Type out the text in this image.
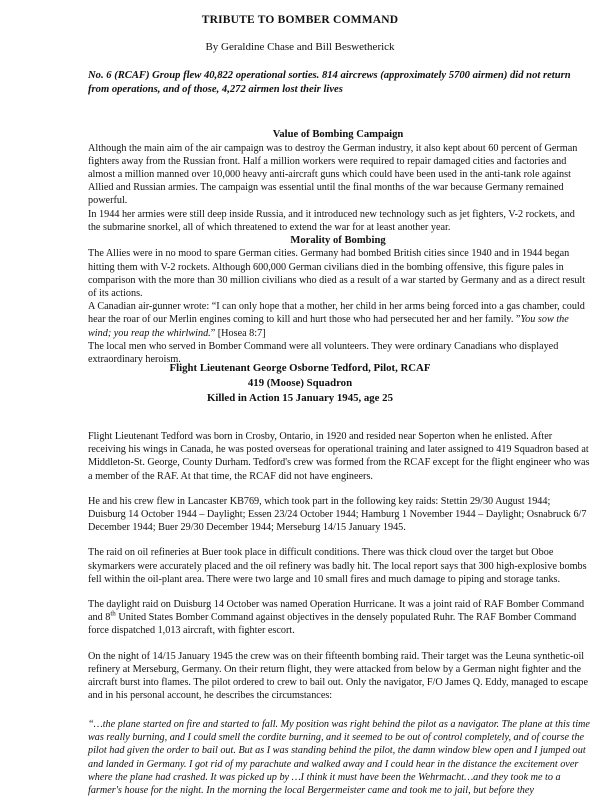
TRIBUTE TO BOMBER COMMAND
By Geraldine Chase and Bill Beswetherick
No. 6 (RCAF) Group flew 40,822 operational sorties. 814 aircrews (approximately 5700 airmen) did not return from operations, and of those, 4,272 airmen lost their lives
Value of Bombing Campaign

Although the main aim of the air campaign was to destroy the German industry, it also kept about 60 percent of German fighters away from the Russian front. Half a million workers were required to repair damaged cities and factories and almost a million manned over 10,000 heavy anti-aircraft guns which could have been used in the anti-tank role against Allied and Russian armies. The campaign was essential until the final months of the war because Germany remained powerful.

In 1944 her armies were still deep inside Russia, and it introduced new technology such as jet fighters, V-2 rockets, and the submarine snorkel, all of which threatened to extend the war for at least another year.

Morality of Bombing

The Allies were in no mood to spare German cities. Germany had bombed British cities since 1940 and in 1944 began hitting them with V-2 rockets. Although 600,000 German civilians died in the bombing offensive, this figure pales in comparison with the more than 30 million civilians who died as a result of a war started by Germany and as a direct result of its actions.

A Canadian air-gunner wrote: “I can only hope that a mother, her child in her arms being forced into a gas chamber, could hear the roar of our Merlin engines coming to kill and hurt those who had persecuted her and her family. ”You sow the wind; you reap the whirlwind.” [Hosea 8:7]

The local men who served in Bomber Command were all volunteers. They were ordinary Canadians who displayed extraordinary heroism.

Flight Lieutenant George Osborne Tedford, Pilot, RCAF
419 (Moose) Squadron
Killed in Action 15 January 1945, age 25

Flight Lieutenant Tedford was born in Crosby, Ontario, in 1920 and resided near Soperton when he enlisted. After receiving his wings in Canada, he was posted overseas for operational training and later assigned to 419 Squadron based at Middleton-St. George, County Durham. Tedford's crew was formed from the RCAF except for the flight engineer who was a member of the RAF. At that time, the RCAF did not have engineers.

He and his crew flew in Lancaster KB769, which took part in the following key raids: Stettin 29/30 August 1944; Duisburg 14 October 1944 – Daylight; Essen 23/24 October 1944; Hamburg 1 November 1944 – Daylight; Osnabruck 6/7 December 1944; Buer 29/30 December 1944; Merseburg 14/15 January 1945.

The raid on oil refineries at Buer took place in difficult conditions. There was thick cloud over the target but Oboe skymarkers were accurately placed and the oil refinery was badly hit. The local report says that 300 high-explosive bombs fell within the oil-plant area. There were two large and 10 small fires and much damage to piping and storage tanks.

The daylight raid on Duisburg 14 October was named Operation Hurricane. It was a joint raid of RAF Bomber Command and 8th United States Bomber Command against objectives in the densely populated Ruhr. The RAF Bomber Command force dispatched 1,013 aircraft, with fighter escort.

On the night of 14/15 January 1945 the crew was on their fifteenth bombing raid. Their target was the Leuna synthetic-oil refinery at Merseburg, Germany. On their return flight, they were attacked from below by a German night fighter and the aircraft burst into flames. The pilot ordered to crew to bail out. Only the navigator, F/O James Q. Eddy, managed to escape and in his personal account, he describes the circumstances:

“…the plane started on fire and started to fall. My position was right behind the pilot as a navigator. The plane at this time was really burning, and I could smell the cordite burning, and it seemed to be out of control completely, and of course the pilot had given the order to bail out. But as I was standing behind the pilot, the damn window blew open and I jumped out and landed in Germany. I got rid of my parachute and walked away and I could hear in the distance the excitement over where the plane had crashed. It was picked up by …I think it must have been the Wehrmacht…and they took me to a farmer's house for the night. In the morning the local Bergermeister came and took me to jail, but before they
